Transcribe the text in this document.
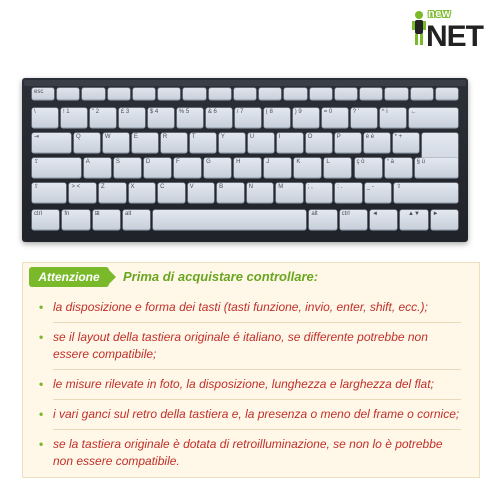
new
NET
esc
\	! 1	" 2	£ 3	$ 4	% 5	& 6	/ 7	( 8	) 9	= 0	? '	^ ì	←
⇥	Q	W	E	R	T	Y	U	I	O	P	é è	* +
⇪	A	S	D	F	G	H	J	K	L	ç ò	° à	§ ù
⇧	> <	Z	X	C	V	B	N	M	; ,	: .	_ -	⇧
ctrl	fn	⊞	alt	alt	ctrl	◄	▲▼	►
Attenzione	Prima di acquistare controllare:
• la disposizione e forma dei tasti (tasti funzione, invio, enter, shift, ecc.);
• se il layout della tastiera originale é italiano, se differente potrebbe non essere compatibile;
• le misure rilevate in foto, la disposizione, lunghezza e larghezza del flat;
• i vari ganci sul retro della tastiera e, la presenza o meno del frame o cornice;
• se la tastiera originale è dotata di retroilluminazione, se non lo è potrebbe non essere compatibile.
